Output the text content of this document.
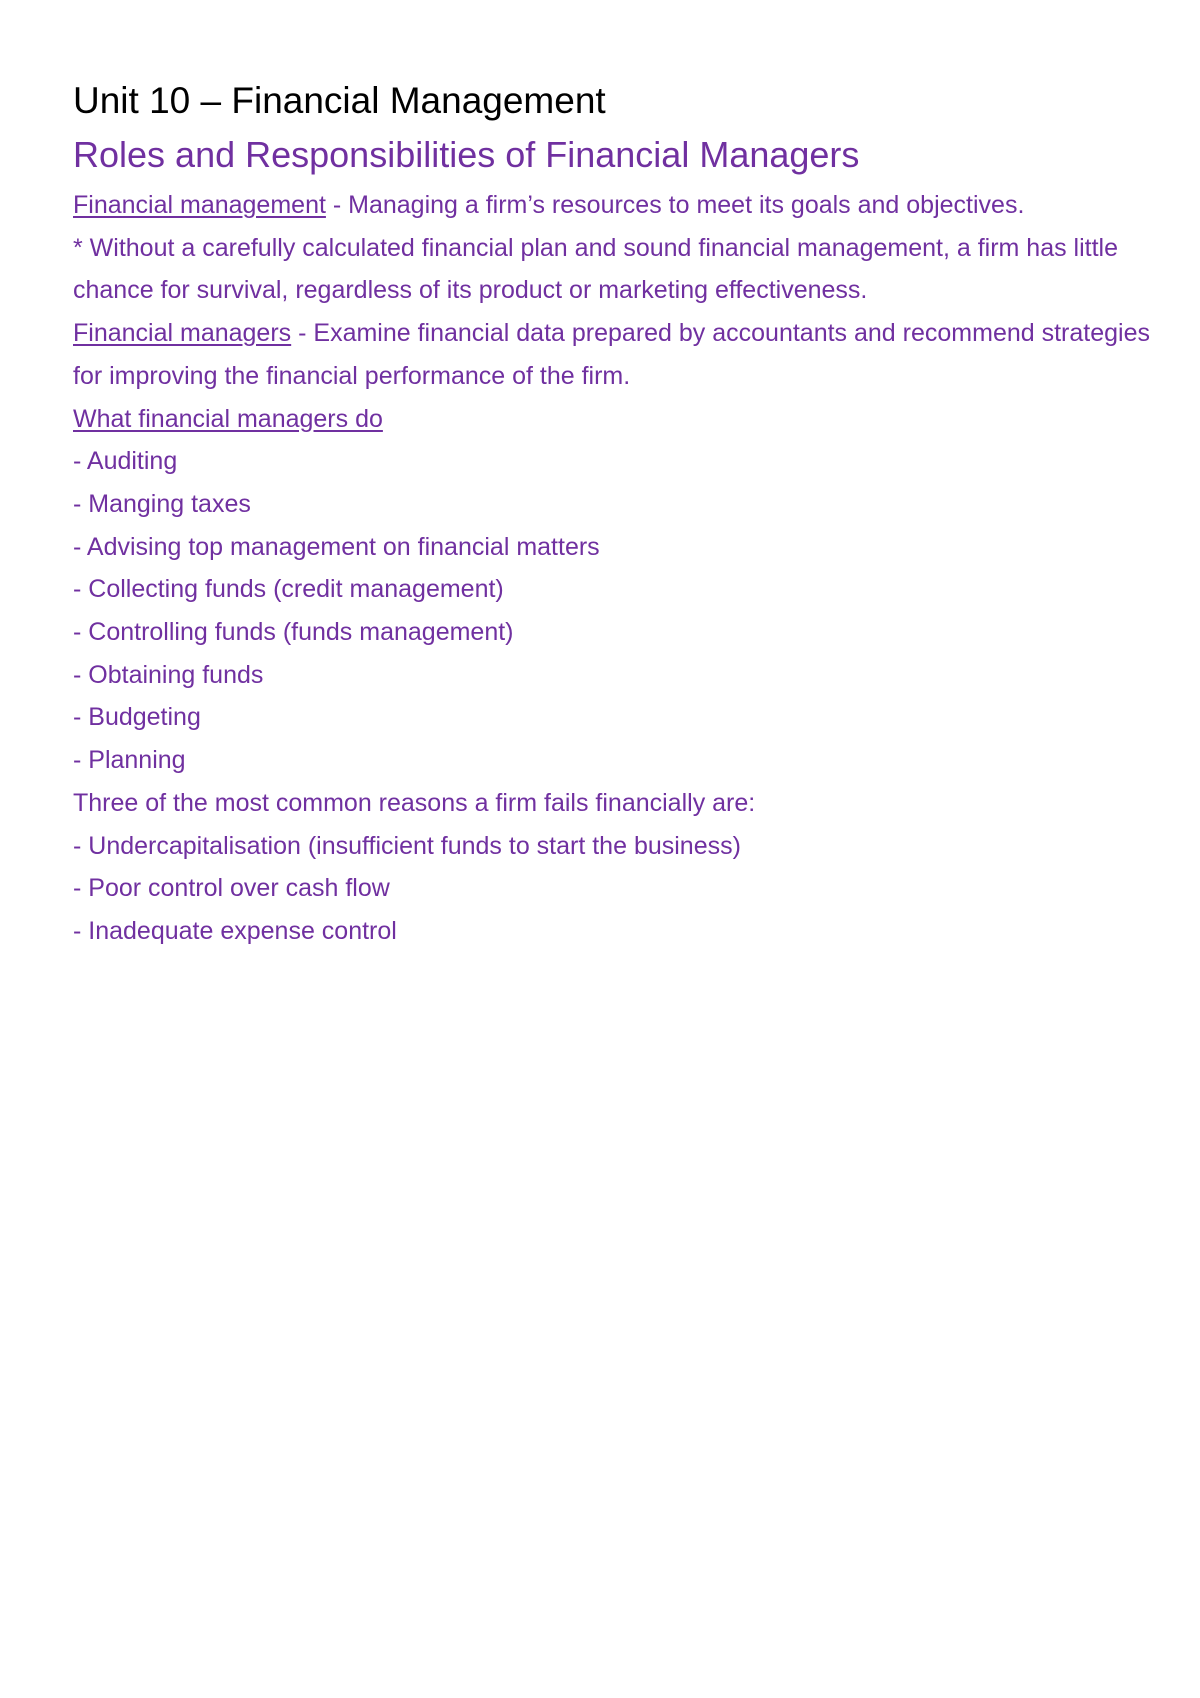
Unit 10 – Financial Management
Roles and Responsibilities of Financial Managers

Financial management - Managing a firm’s resources to meet its goals and objectives.

* Without a carefully calculated financial plan and sound financial management, a firm has little chance for survival, regardless of its product or marketing effectiveness.

Financial managers - Examine financial data prepared by accountants and recommend strategies for improving the financial performance of the firm.

What financial managers do

- Auditing
- Manging taxes
- Advising top management on financial matters
- Collecting funds (credit management)
- Controlling funds (funds management)
- Obtaining funds
- Budgeting
- Planning

Three of the most common reasons a firm fails financially are:

- Undercapitalisation (insufficient funds to start the business)
- Poor control over cash flow
- Inadequate expense control
